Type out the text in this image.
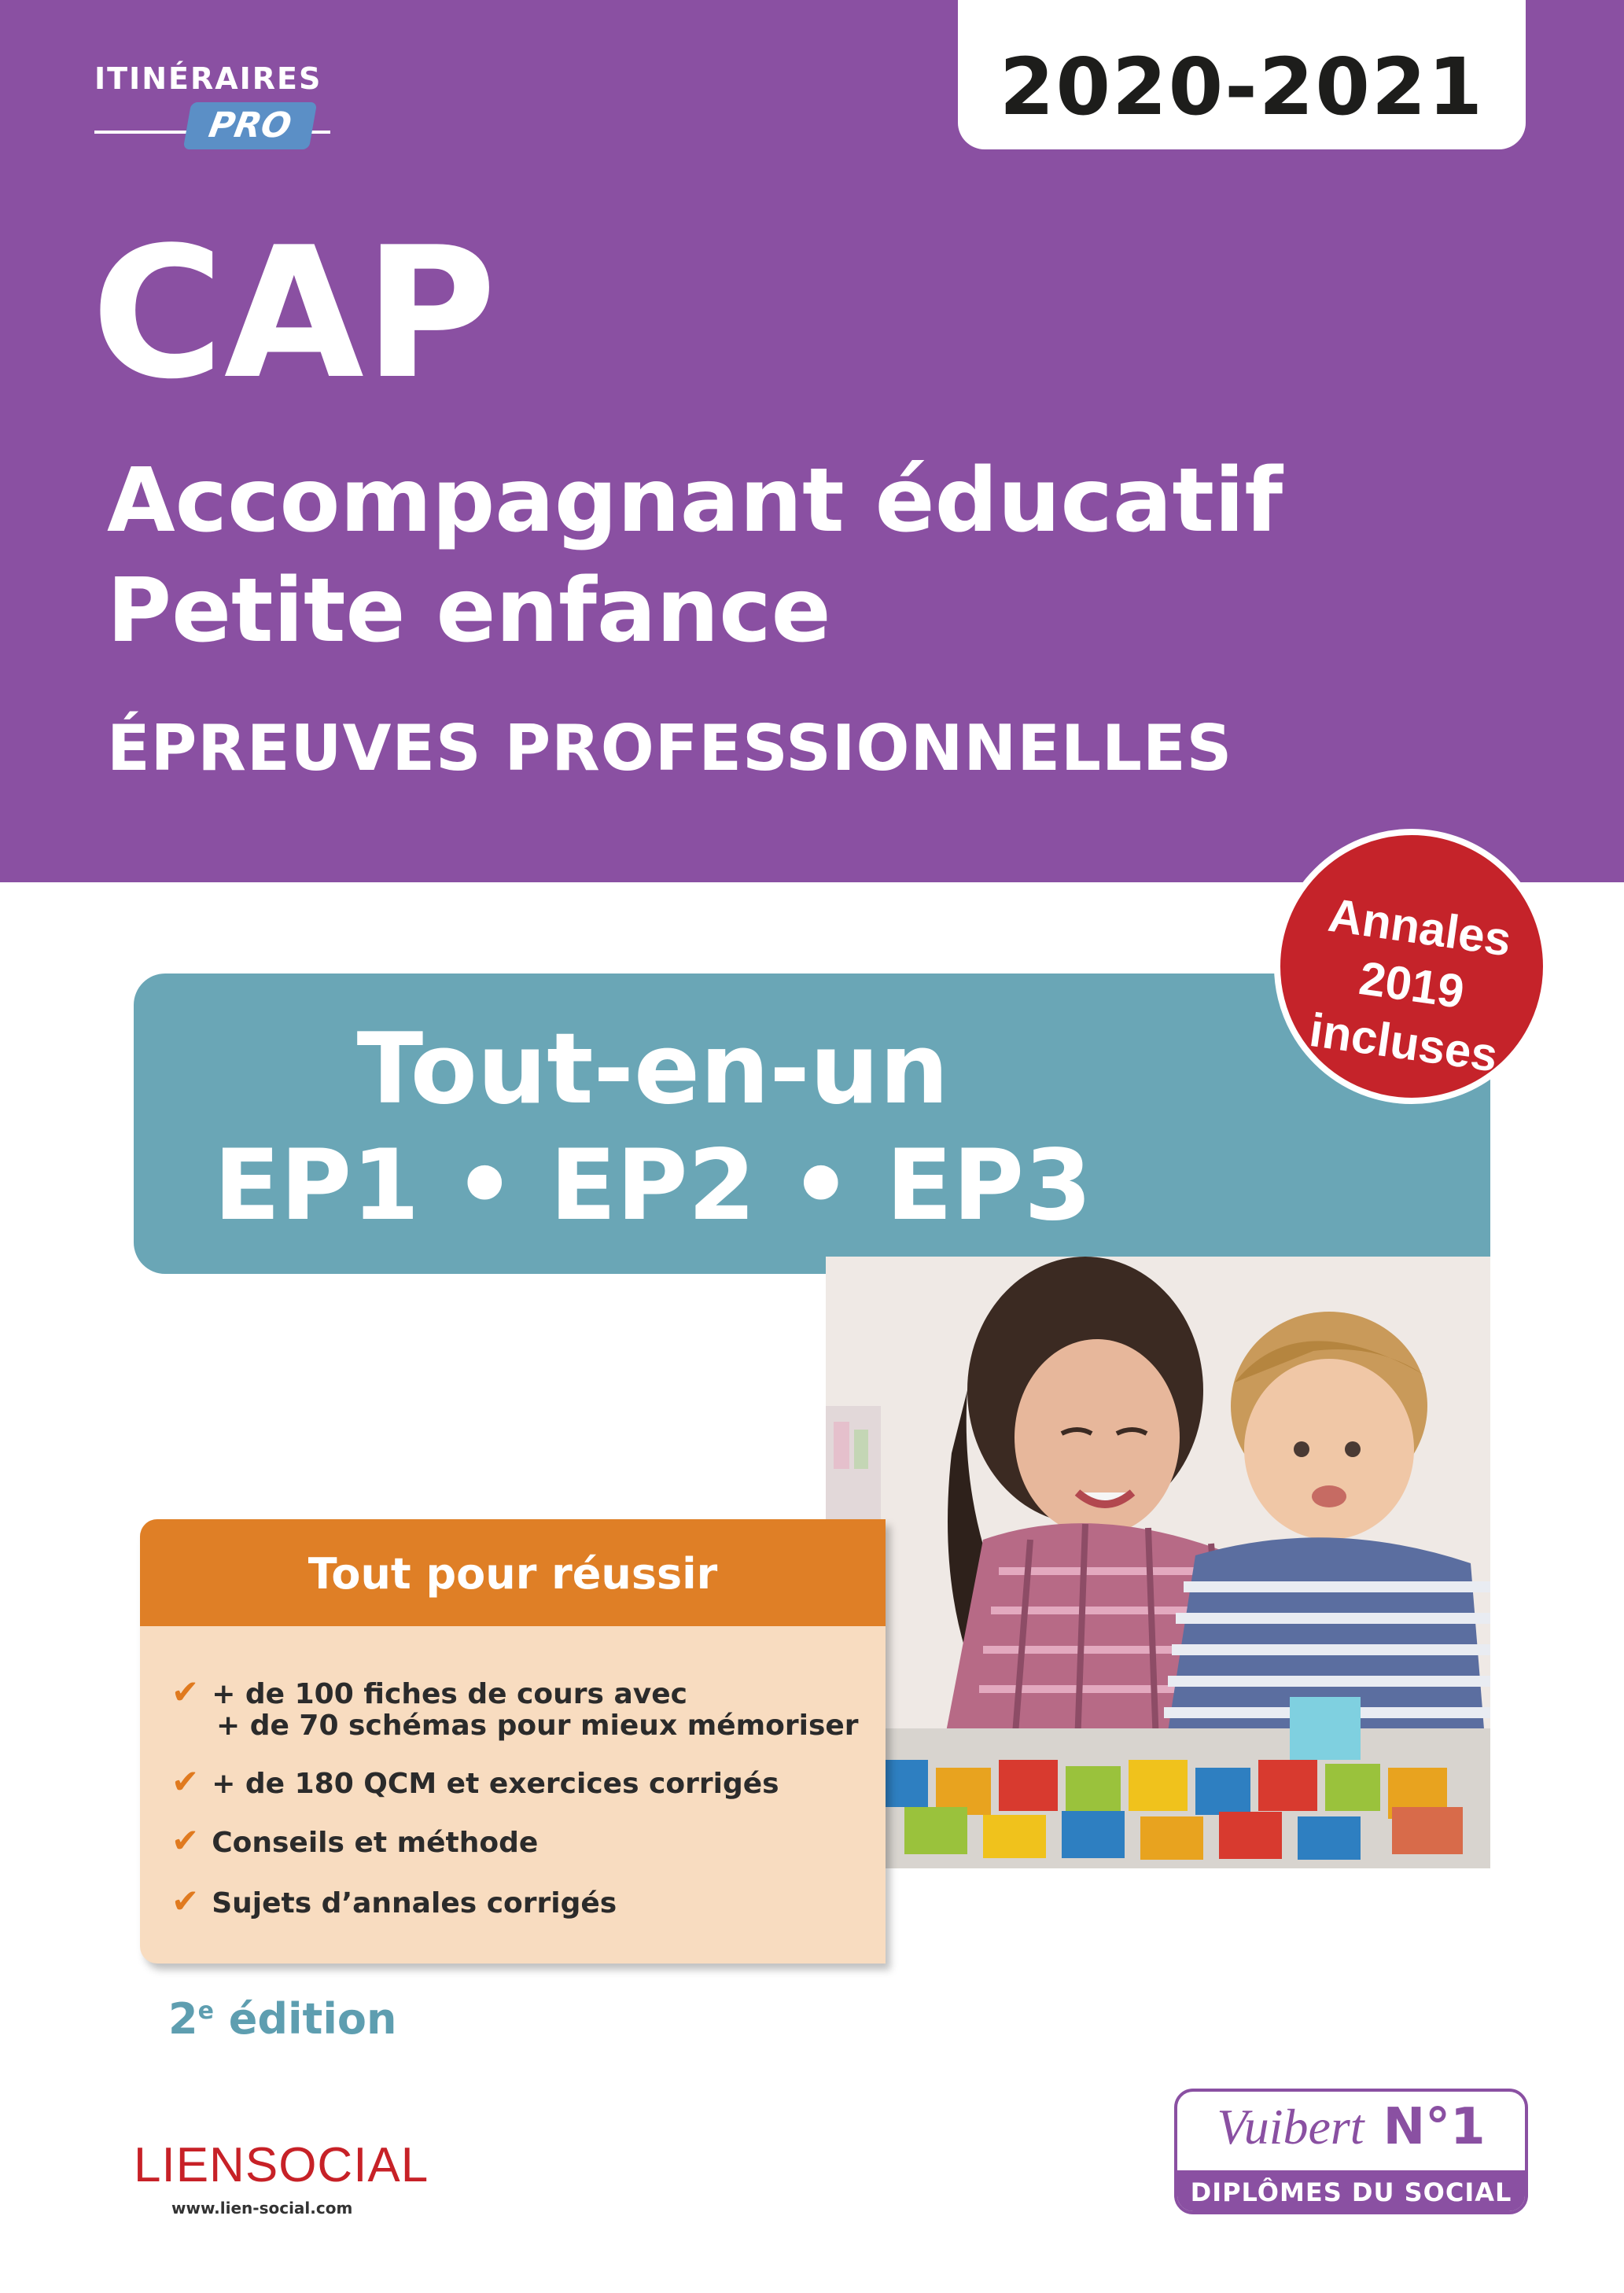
ITINÉRAIRES
PRO	2020-2021
CAP
Accompagnant éducatif
Petite enfance
ÉPREUVES PROFESSIONNELLES
Tout-en-un
EP1 • EP2 • EP3
Annales 2019
incluses
Tout pour réussir
✔ + de 100 fiches de cours avec
+ de 70 schémas pour mieux mémoriser
✔ + de 180 QCM et exercices corrigés
✔ Conseils et méthode
✔ Sujets d’annales corrigés
2e édition
LIENSOCIAL
www.lien-social.com
Vuibert N°1
DIPLÔMES DU SOCIAL
